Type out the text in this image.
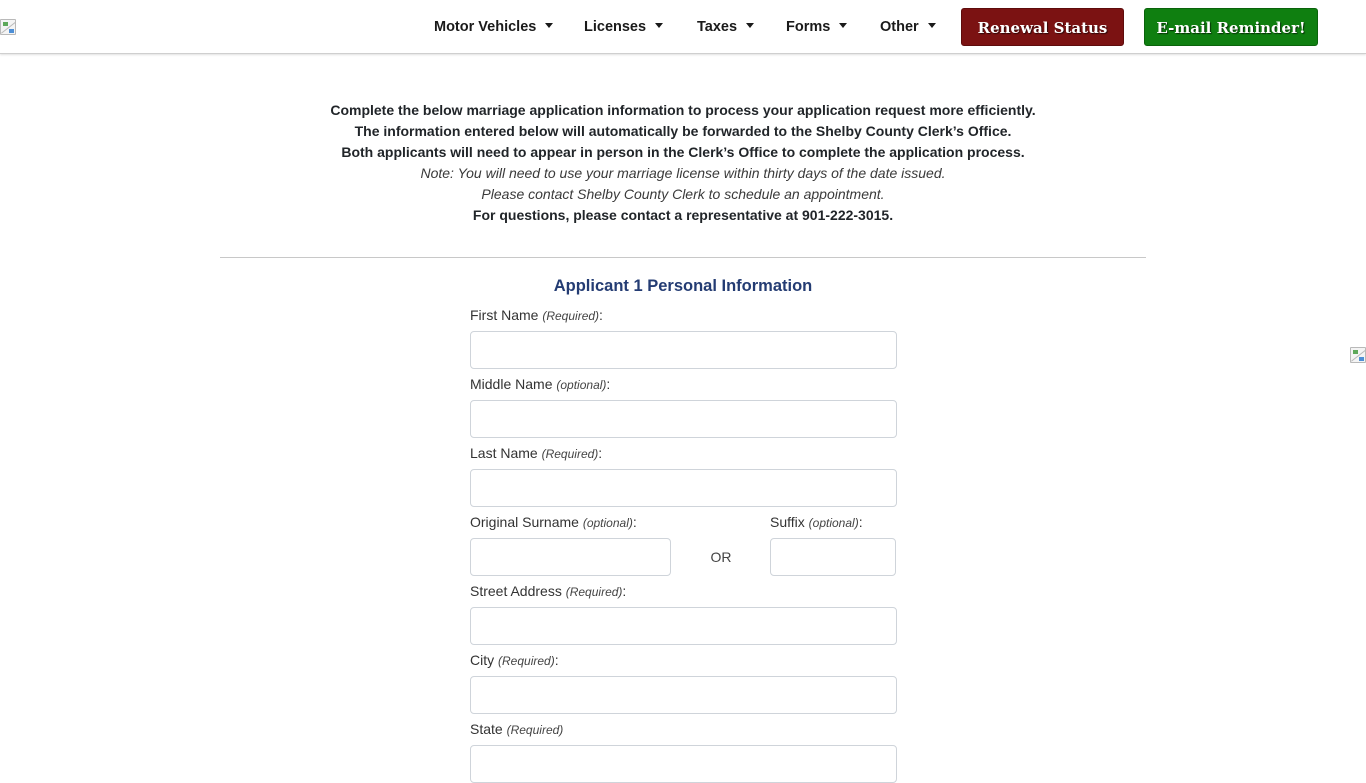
Motor Vehicles	Licenses	Taxes	Forms	Other	Renewal Status	E-mail Reminder!
Complete the below marriage application information to process your application request more efficiently.
The information entered below will automatically be forwarded to the Shelby County Clerk’s Office.
Both applicants will need to appear in person in the Clerk’s Office to complete the application process.
Note: You will need to use your marriage license within thirty days of the date issued.
Please contact Shelby County Clerk to schedule an appointment.
For questions, please contact a representative at 901-222-3015.
Applicant 1 Personal Information
First Name (Required):
Middle Name (optional):
Last Name (Required):
Original Surname (optional):
OR
Suffix (optional):
Street Address (Required):
City (Required):
State (Required)
